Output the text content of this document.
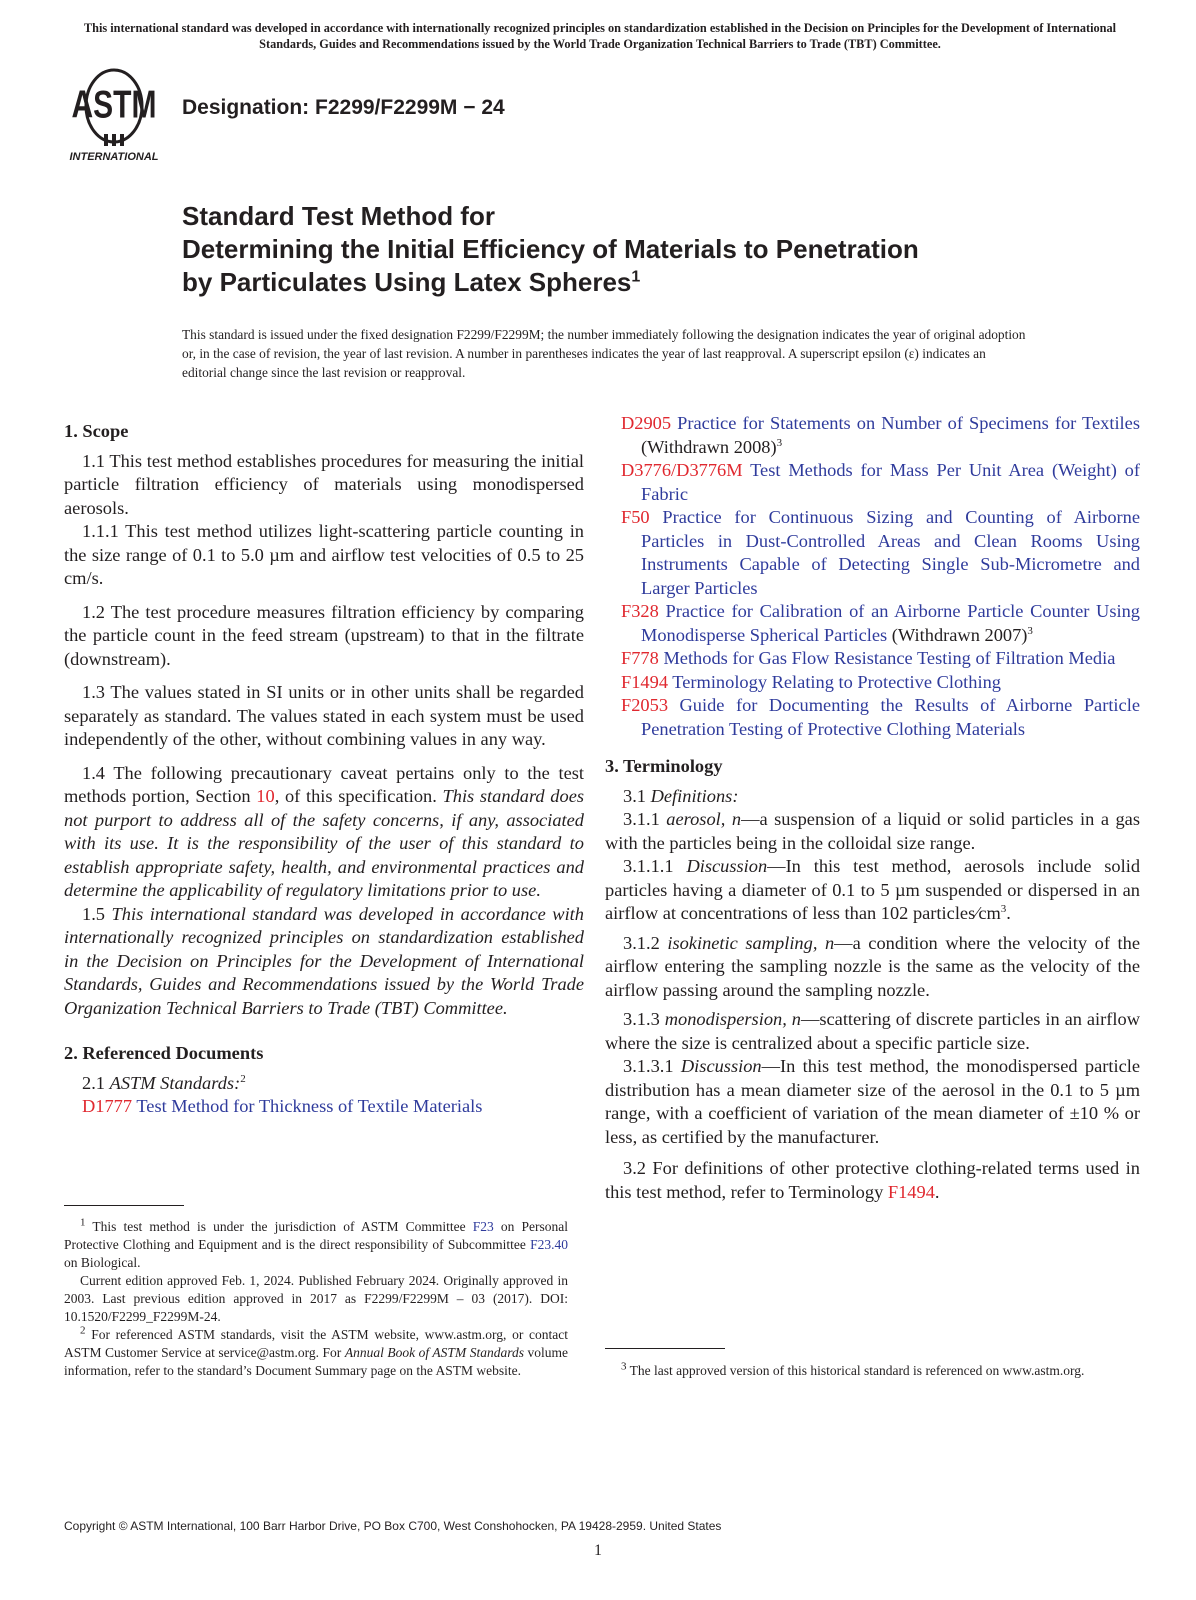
This international standard was developed in accordance with internationally recognized principles on standardization established in the Decision on Principles for the Development of International Standards, Guides and Recommendations issued by the World Trade Organization Technical Barriers to Trade (TBT) Committee.
ASTM
INTERNATIONAL
Designation: F2299/F2299M − 24
Standard Test Method for
Determining the Initial Efficiency of Materials to Penetration
by Particulates Using Latex Spheres$^1$
This standard is issued under the fixed designation F2299/F2299M; the number immediately following the designation indicates the year of original adoption or, in the case of revision, the year of last revision. A number in parentheses indicates the year of last reapproval. A superscript epsilon (ε) indicates an editorial change since the last revision or reapproval.
1. Scope

1.1 This test method establishes procedures for measuring the initial particle filtration efficiency of materials using monodispersed aerosols.

1.1.1 This test method utilizes light-scattering particle counting in the size range of 0.1 to 5.0 µm and airflow test velocities of 0.5 to 25 cm/s.

1.2 The test procedure measures filtration efficiency by comparing the particle count in the feed stream (upstream) to that in the filtrate (downstream).

1.3 The values stated in SI units or in other units shall be regarded separately as standard. The values stated in each system must be used independently of the other, without combining values in any way.

1.4 The following precautionary caveat pertains only to the test methods portion, Section 10, of this specification. This standard does not purport to address all of the safety concerns, if any, associated with its use. It is the responsibility of the user of this standard to establish appropriate safety, health, and environmental practices and determine the applicability of regulatory limitations prior to use.

1.5 This international standard was developed in accordance with internationally recognized principles on standardization established in the Decision on Principles for the Development of International Standards, Guides and Recommendations issued by the World Trade Organization Technical Barriers to Trade (TBT) Committee.

2. Referenced Documents

2.1 ASTM Standards:$^2$

D1777 Test Method for Thickness of Textile Materials

$^1$ This test method is under the jurisdiction of ASTM Committee F23 on Personal Protective Clothing and Equipment and is the direct responsibility of Subcommittee F23.40 on Biological.

Current edition approved Feb. 1, 2024. Published February 2024. Originally approved in 2003. Last previous edition approved in 2017 as F2299/F2299M – 03 (2017). DOI: 10.1520/F2299_F2299M-24.

$^2$ For referenced ASTM standards, visit the ASTM website, www.astm.org, or contact ASTM Customer Service at service@astm.org. For Annual Book of ASTM Standards volume information, refer to the standard’s Document Summary page on the ASTM website.

D2905 Practice for Statements on Number of Specimens for Textiles (Withdrawn 2008)$^3$
D3776/D3776M Test Methods for Mass Per Unit Area (Weight) of Fabric
F50 Practice for Continuous Sizing and Counting of Airborne Particles in Dust-Controlled Areas and Clean Rooms Using Instruments Capable of Detecting Single Sub-Micrometre and Larger Particles
F328 Practice for Calibration of an Airborne Particle Counter Using Monodisperse Spherical Particles (Withdrawn 2007)$^3$
F778 Methods for Gas Flow Resistance Testing of Filtration Media
F1494 Terminology Relating to Protective Clothing
F2053 Guide for Documenting the Results of Airborne Particle Penetration Testing of Protective Clothing Materials
3. Terminology

3.1 Definitions:

3.1.1 aerosol, n—a suspension of a liquid or solid particles in a gas with the particles being in the colloidal size range.

3.1.1.1 Discussion—In this test method, aerosols include solid particles having a diameter of 0.1 to 5 µm suspended or dispersed in an airflow at concentrations of less than 102 $particles⁄cm^3$.

3.1.2 isokinetic sampling, n—a condition where the velocity of the airflow entering the sampling nozzle is the same as the velocity of the airflow passing around the sampling nozzle.

3.1.3 monodispersion, n—scattering of discrete particles in an airflow where the size is centralized about a specific particle size.

3.1.3.1 Discussion—In this test method, the monodispersed particle distribution has a mean diameter size of the aerosol in the 0.1 to 5 µm range, with a coefficient of variation of the mean diameter of ±10 % or less, as certified by the manufacturer.

3.2 For definitions of other protective clothing-related terms used in this test method, refer to Terminology F1494.

$^3$ The last approved version of this historical standard is referenced on www.astm.org.

Copyright © ASTM International, 100 Barr Harbor Drive, PO Box C700, West Conshohocken, PA 19428-2959. United States
1
